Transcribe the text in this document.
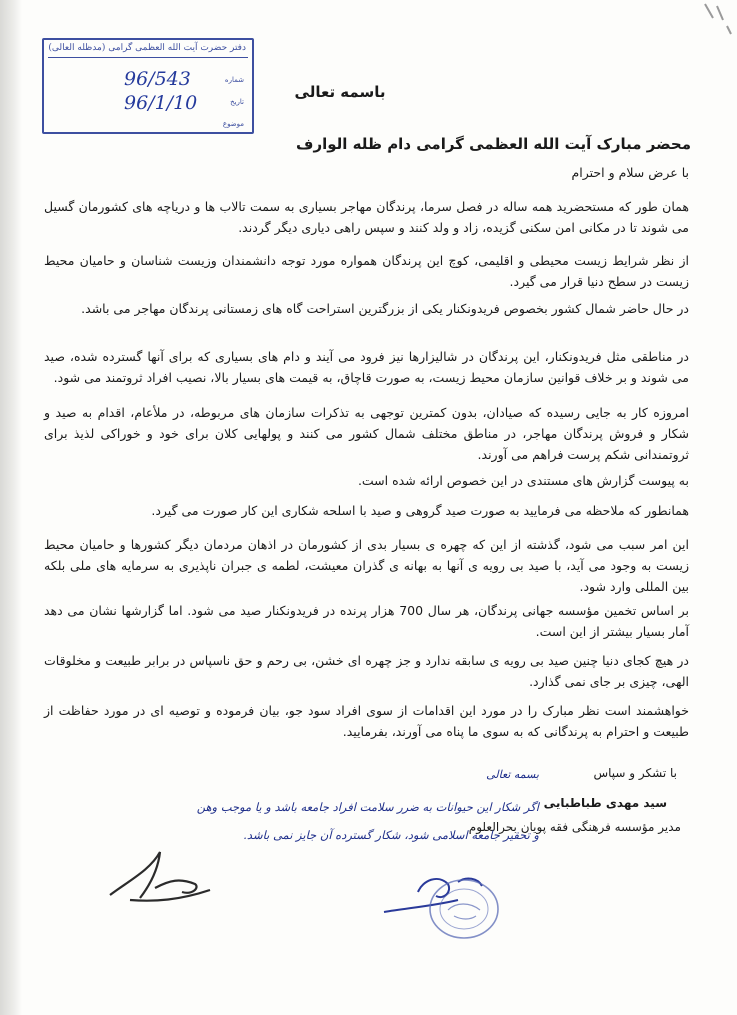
دفتر حضرت آیت الله العظمی گرامی (مدظله العالی)
شماره
96/543
تاریخ
96/1/10
موضوع
باسمه تعالی
محضر مبارک آیت الله العظمی گرامی دام ظله الوارف
با عرض سلام و احترام
همان طور که مستحضرید همه ساله در فصل سرما، پرندگان مهاجر بسیاری به سمت تالاب ها و دریاچه های کشورمان گسیل می شوند تا در مکانی امن سکنی گزیده، زاد و ولد کنند و سپس راهی دیاری دیگر گردند.
از نظر شرایط زیست محیطی و اقلیمی، کوچ این پرندگان همواره مورد توجه دانشمندان وزیست شناسان و حامیان محیط زیست در سطح دنیا قرار می گیرد.
در حال حاضر شمال کشور بخصوص فریدونکنار یکی از بزرگترین استراحت گاه های زمستانی پرندگان مهاجر می باشد.
در مناطقی مثل فریدونکنار، این پرندگان در شالیزارها نیز فرود می آیند و دام های بسیاری که برای آنها گسترده شده، صید می شوند و بر خلاف قوانین سازمان محیط زیست، به صورت قاچاق، به قیمت های بسیار بالا، نصیب افراد ثروتمند می شود.
امروزه کار به جایی رسیده که صیادان، بدون کمترین توجهی به تذکرات سازمان های مربوطه، در ملأعام، اقدام به صید و شکار و فروش پرندگان مهاجر، در مناطق مختلف شمال کشور می کنند و پولهایی کلان برای خود و خوراکی لذیذ برای ثروتمندانی شکم پرست فراهم می آورند.
به پیوست گزارش های مستندی در این خصوص ارائه شده است.
همانطور که ملاحظه می فرمایید به صورت صید گروهی و صید با اسلحه شکاری این کار صورت می گیرد.
این امر سبب می شود، گذشته از این که چهره ی بسیار بدی از کشورمان در اذهان مردمان دیگر کشورها و حامیان محیط زیست به وجود می آید، با صید بی رویه ی آنها به بهانه ی گذران معیشت، لطمه ی جبران ناپذیری به سرمایه های ملی بلکه بین المللی وارد شود.
بر اساس تخمین مؤسسه جهانی پرندگان، هر سال 700 هزار پرنده در فریدونکنار صید می شود. اما گزارشها نشان می دهد آمار بسیار بیشتر از این است.
در هیچ کجای دنیا چنین صید بی رویه ی سابقه ندارد و جز چهره ای خشن، بی رحم و حق ناسپاس در برابر طبیعت و مخلوقات الهی، چیزی بر جای نمی گذارد.
خواهشمند است نظر مبارک را در مورد این اقدامات از سوی افراد سود جو، بیان فرموده و توصیه ای در مورد حفاظت از طبیعت و احترام به پرندگانی که به سوی ما پناه می آورند، بفرمایید.
با تشکر و سپاس
سید مهدی طباطبایی
مدیر مؤسسه فرهنگی فقه پویان بحرالعلوم
بسمه تعالی
اگر شکار این حیوانات به ضرر سلامت افراد جامعه باشد و یا موجب وهن
و تحقیر جامعه اسلامی شود، شکار گسترده آن جایز نمی باشد.
